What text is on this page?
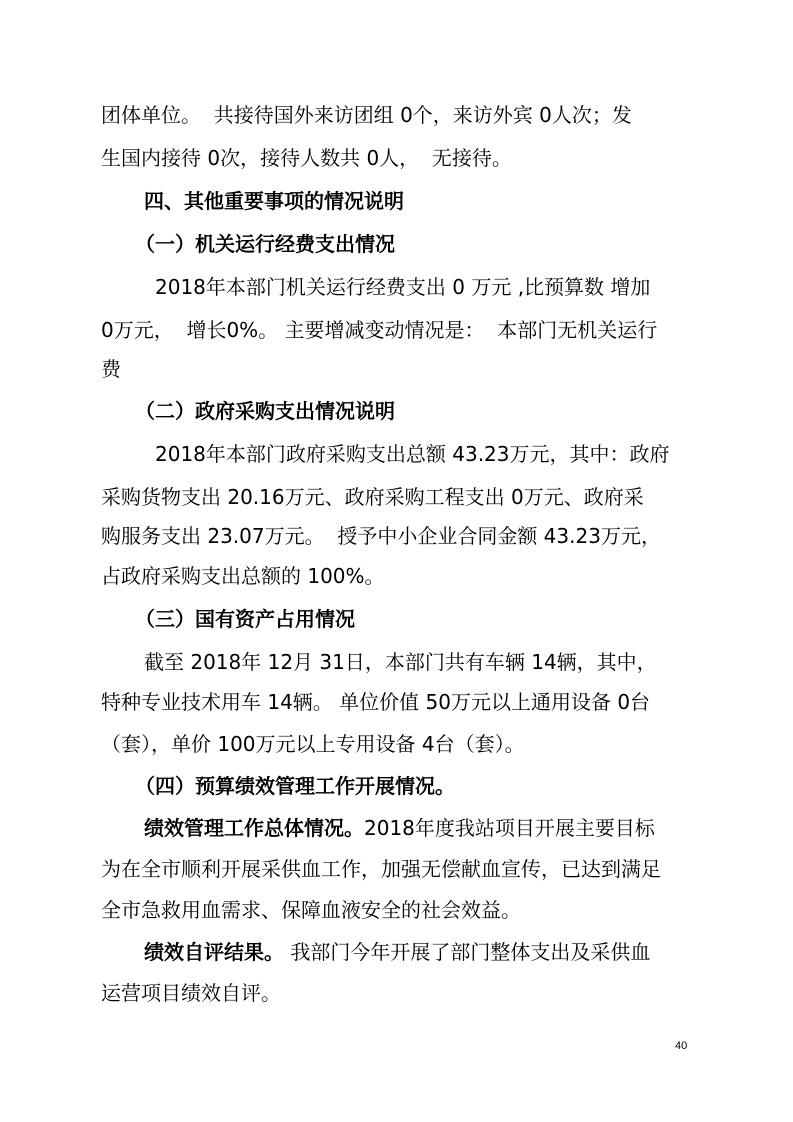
团体单位。  共接待国外来访团组 0个，来访外宾 0人次；发
生国内接待 0次，接待人数共 0人，  无接待。
四、其他重要事项的情况说明
（一）机关运行经费支出情况
2018年本部门机关运行经费支出 0 万元 ,比预算数 增加
0万元，  增长0%。 主要增减变动情况是：  本部门无机关运行
费
（二）政府采购支出情况说明
2018年本部门政府采购支出总额 43.23万元，其中：政府
采购货物支出 20.16万元、政府采购工程支出 0万元、政府采
购服务支出 23.07万元。  授予中小企业合同金额 43.23万元，
占政府采购支出总额的 100%。
（三）国有资产占用情况
截至 2018年 12月 31日，本部门共有车辆 14辆，其中，
特种专业技术用车 14辆。 单位价值 50万元以上通用设备 0台
（套），单价 100万元以上专用设备 4台（套）。
（四）预算绩效管理工作开展情况。
绩效管理工作总体情况。2018年度我站项目开展主要目标
为在全市顺利开展采供血工作，加强无偿献血宣传，已达到满足
全市急救用血需求、保障血液安全的社会效益。
绩效自评结果。 我部门今年开展了部门整体支出及采供血
运营项目绩效自评。
40
